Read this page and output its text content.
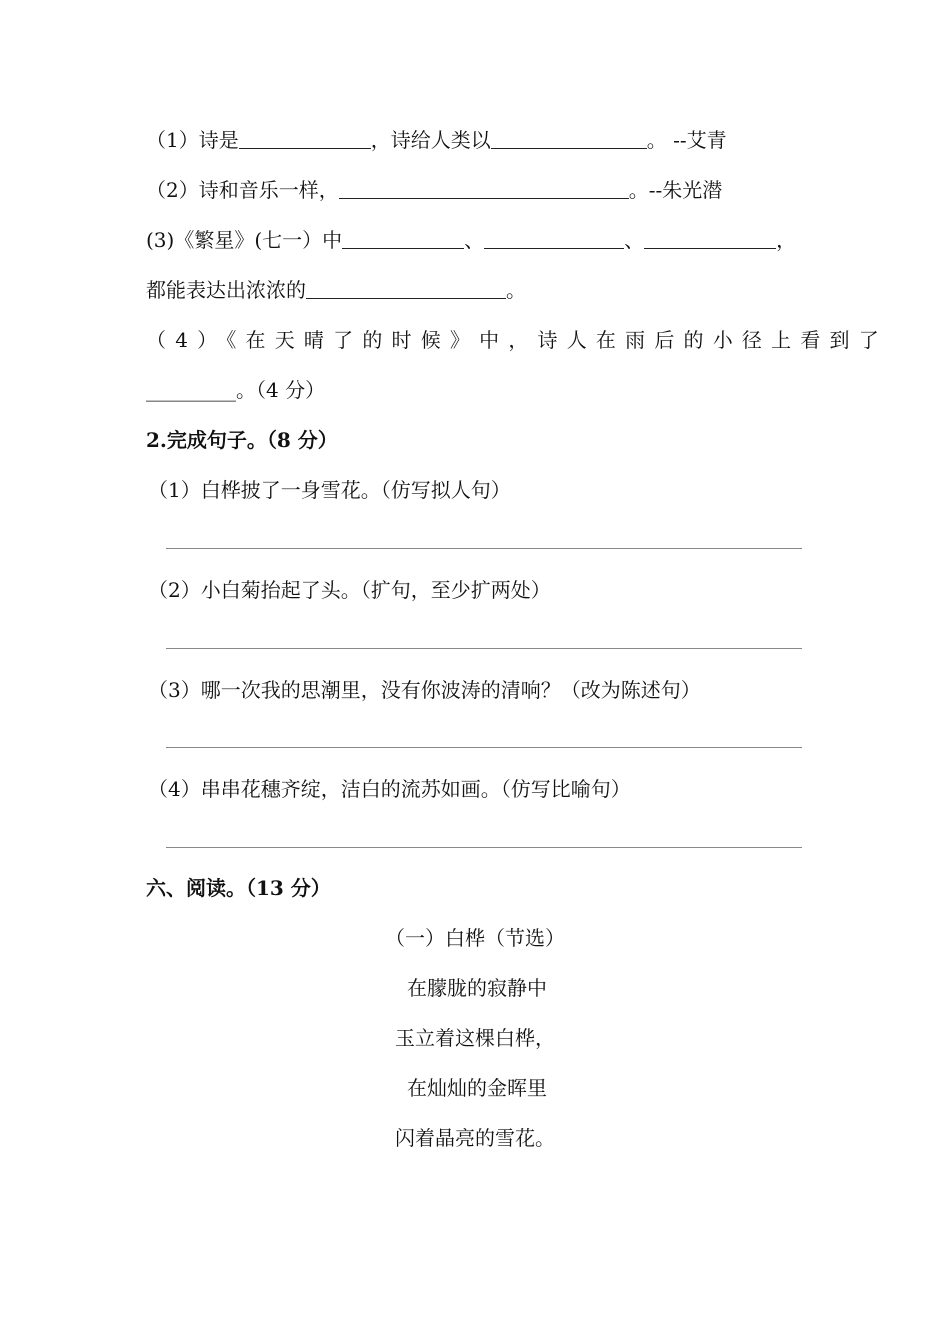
（1）诗是	，诗给人类以	。 --艾青
（2）诗和音乐一样，	。--朱光潜
(3)《繁星》(七一）中	、	、	，
都能表达出浓浓的	。
（4）《在天晴了的时候》中，诗人在雨后的小径上看到了
_________。（4 分）
2.完成句子。（8 分）
（1）白桦披了一身雪花。（仿写拟人句）
（2）小白菊抬起了头。（扩句，至少扩两处）
（3）哪一次我的思潮里，没有你波涛的清响？（改为陈述句）
（4）串串花穗齐绽，洁白的流苏如画。（仿写比喻句）
六、阅读。（13 分）
（一）白桦（节选）
在朦胧的寂静中
玉立着这棵白桦，
在灿灿的金晖里
闪着晶亮的雪花。
